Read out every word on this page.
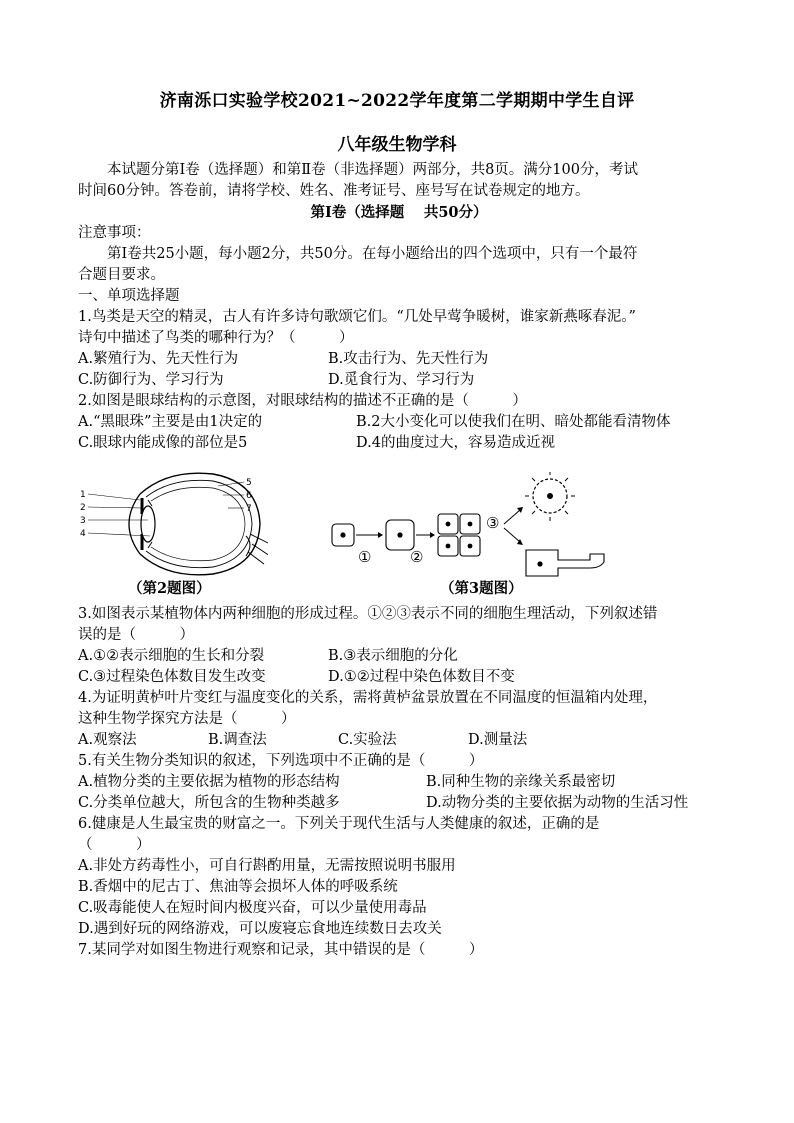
济南泺口实验学校2021~2022学年度第二学期期中学生自评
八年级生物学科
本试题分第Ⅰ卷（选择题）和第Ⅱ卷（非选择题）两部分，共8页。满分100分，考试
时间60分钟。答卷前，请将学校、姓名、准考证号、座号写在试卷规定的地方。
第Ⅰ卷（选择题　 共50分）
注意事项：
第Ⅰ卷共25小题，每小题2分，共50分。在每小题给出的四个选项中，只有一个最符
合题目要求。
一、单项选择题
1.鸟类是天空的精灵，古人有许多诗句歌颂它们。“几处早莺争暖树，谁家新燕啄春泥。”
诗句中描述了鸟类的哪种行为？（　　　）
A.繁殖行为、先天性行为	B.攻击行为、先天性行为
C.防御行为、学习行为	D.觅食行为、学习行为
2.如图是眼球结构的示意图，对眼球结构的描述不正确的是（　　　）
A.“黑眼珠”主要是由1决定的	B.2大小变化可以使我们在明、暗处都能看清物体
C.眼球内能成像的部位是5	D.4的曲度过大，容易造成近视
1
2
3
4
5
6
7
①	②
③
（第2题图）	（第3题图）
3.如图表示某植物体内两种细胞的形成过程。①②③表示不同的细胞生理活动，下列叙述错
误的是（　　　）
A.①②表示细胞的生长和分裂	B.③表示细胞的分化
C.③过程染色体数目发生改变	D.①②过程中染色体数目不变
4.为证明黄栌叶片变红与温度变化的关系，需将黄栌盆景放置在不同温度的恒温箱内处理，
这种生物学探究方法是（　　　）
A.观察法	B.调查法	C.实验法	D.测量法
5.有关生物分类知识的叙述，下列选项中不正确的是（　　　）
A.植物分类的主要依据为植物的形态结构	B.同种生物的亲缘关系最密切
C.分类单位越大，所包含的生物种类越多	D.动物分类的主要依据为动物的生活习性
6.健康是人生最宝贵的财富之一。下列关于现代生活与人类健康的叙述，正确的是
（　　　）
A.非处方药毒性小，可自行斟酌用量，无需按照说明书服用
B.香烟中的尼古丁、焦油等会损坏人体的呼吸系统
C.吸毒能使人在短时间内极度兴奋，可以少量使用毒品
D.遇到好玩的网络游戏，可以废寝忘食地连续数日去攻关
7.某同学对如图生物进行观察和记录，其中错误的是（　　　）
